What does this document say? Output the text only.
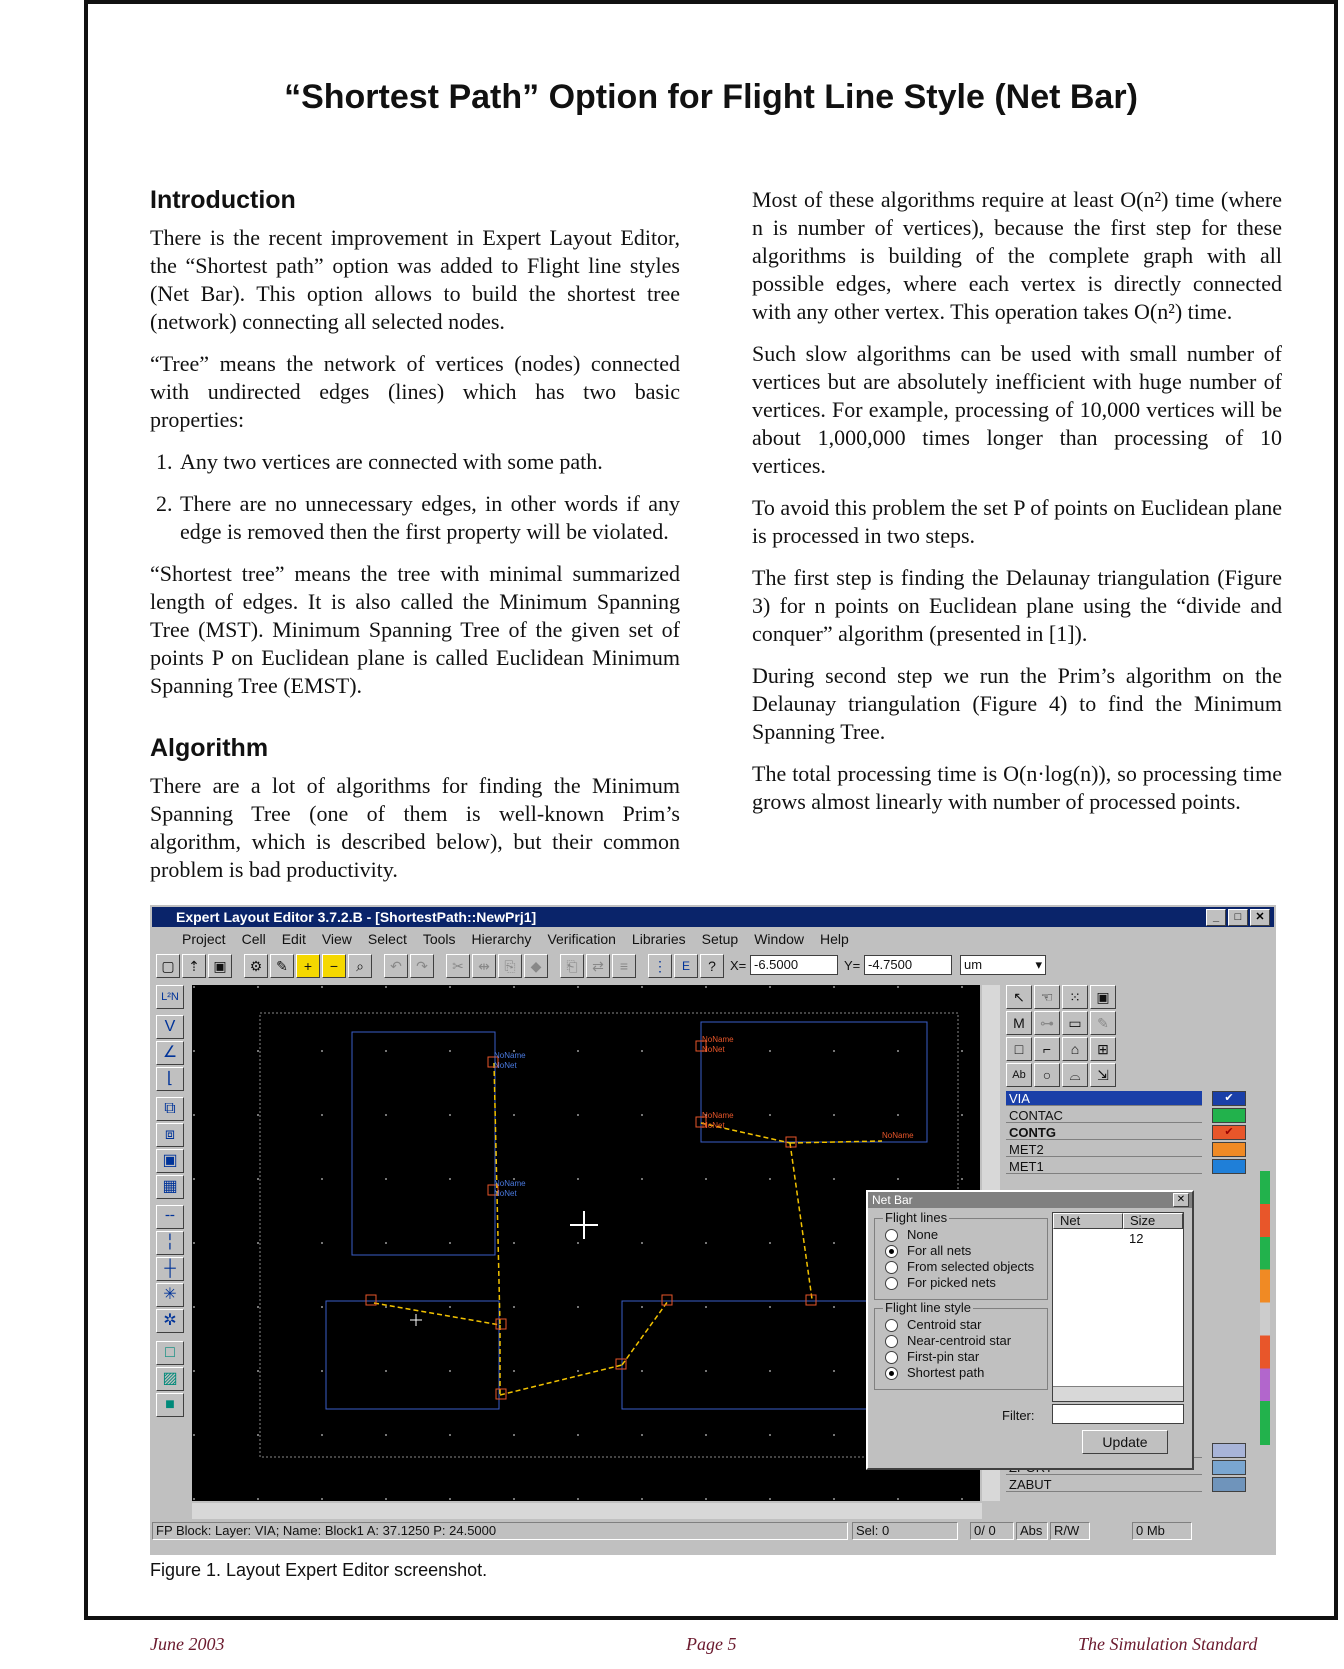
“Shortest Path” Option for Flight Line Style (Net Bar)
Introduction

There is the recent improvement in Expert Layout Editor, the “Shortest path” option was added to Flight line styles (Net Bar). This option allows to build the shortest tree (network) connecting all selected nodes.

“Tree” means the network of vertices (nodes) connected with undirected edges (lines) which has two basic properties:

1. Any two vertices are connected with some path.
2. There are no unnecessary edges, in other words if any edge is removed then the first property will be violated.

“Shortest tree” means the tree with minimal summarized length of edges. It is also called the Minimum Spanning Tree (MST). Minimum Spanning Tree of the given set of points P on Euclidean plane is called Euclidean Minimum Spanning Tree (EMST).

Algorithm

There are a lot of algorithms for finding the Minimum Spanning Tree (one of them is well-known Prim’s algorithm, which is described below), but their common problem is bad productivity.

Most of these algorithms require at least O(n²) time (where n is number of vertices), because the first step for these algorithms is building of the complete graph with all possible edges, where each vertex is directly connected with any other vertex. This operation takes O(n²) time.

Such slow algorithms can be used with small number of vertices but are absolutely inefficient with huge number of vertices. For example, processing of 10,000 vertices will be about 1,000,000 times longer than processing of 10 vertices.

To avoid this problem the set P of points on Euclidean plane is processed in two steps.

The first step is finding the Delaunay triangulation (Figure 3) for n points on Euclidean plane using the “divide and conquer” algorithm (presented in [1]).

During second step we run the Prim’s algorithm on the Delaunay triangulation (Figure 4) to find the Minimum Spanning Tree.

The total processing time is O(n·log(n)), so processing time grows almost linearly with number of processed points.

Expert Layout Editor 3.7.2.B - [ShortestPath::NewPrj1]	_	□	✕
Project Cell Edit View Select Tools Hierarchy Verification Libraries Setup Window Help
▢ ⇡ ▣	⚙ ✎	+	−	⌕	↶	↷	✂	⇹	⎘	◆	⎗	⇄	≡	⋮	E	?	X= -6.5000	Y= -4.7500	um	▾
L²N
V
∠
⌊
⧉
⧈
▣
▦
╌
╎
┼
✳
✲
□
▨
■
NoName
NoNet
NoName
NoNet
NoName
NoNet
NoName
NoNet
NoName
↖	☜	⁙	▣
M	⊶	▭	✎
□	⌐	⌂	⊞
Ab	○	⌓	⇲
VIA	✔
CONTAC
CONTG	✔
MET2
MET1
ZABUT
Net Bar	✕
Flight lines
None
For all nets
From selected objects
For picked nets
Flight line style
Centroid star
Near-centroid star
First-pin star
Shortest path
Net	Size
12
Filter:
Update
FP Block: Layer: VIA; Name: Block1 A: 37.1250 P: 24.5000	Sel: 0	0/ 0	Abs R/W	0 Mb
Figure 1. Layout Expert Editor screenshot.
June 2003	Page 5	The Simulation Standard
